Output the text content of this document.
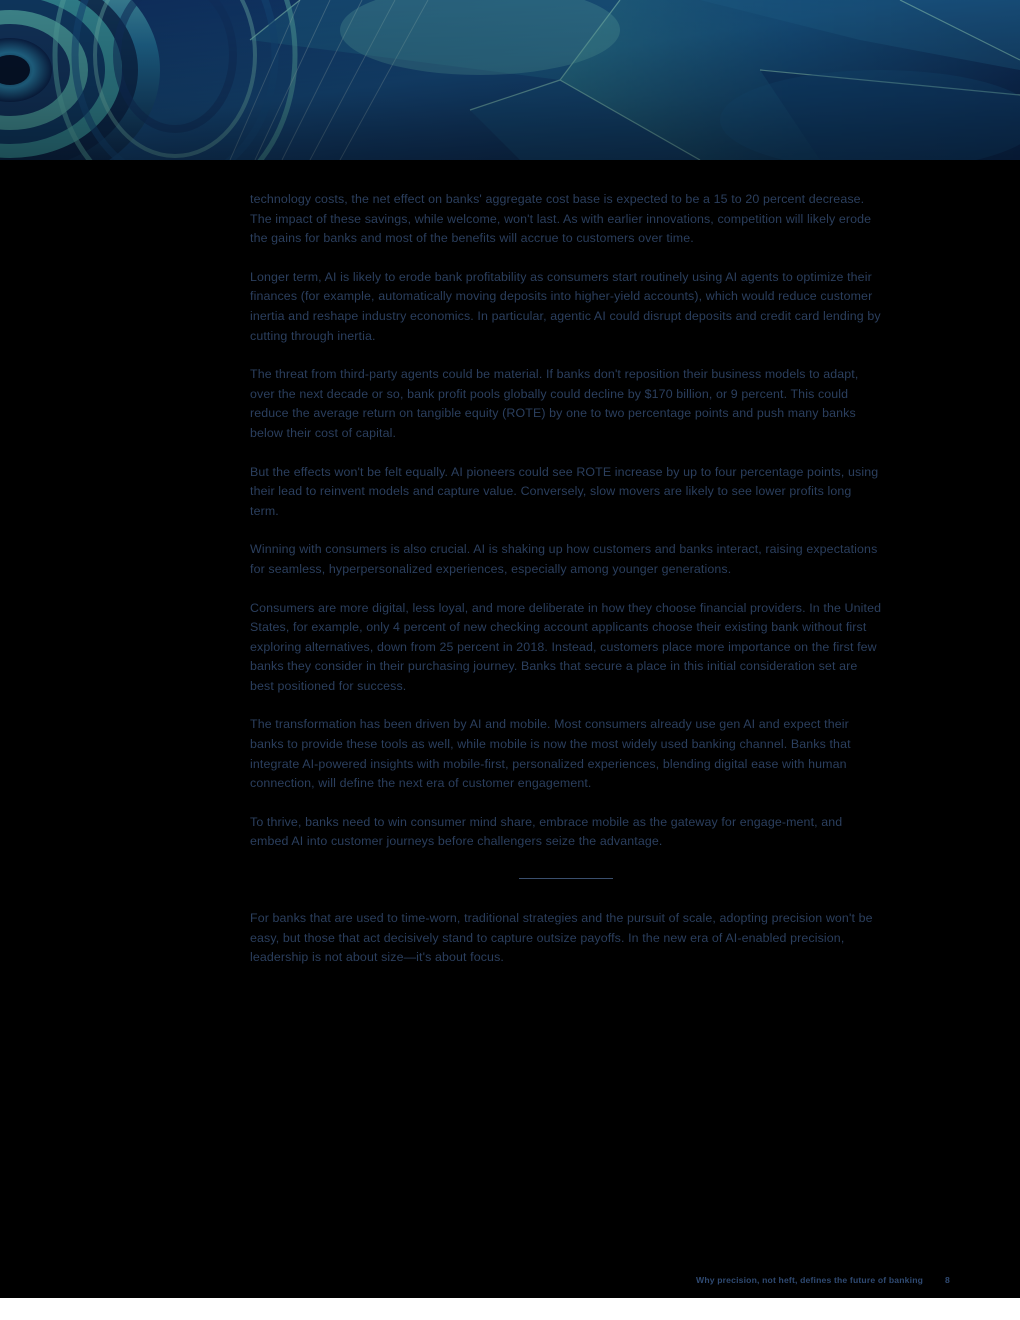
technology costs, the net effect on banks' aggregate cost base is expected to be a 15 to 20 percent decrease. The impact of these savings, while welcome, won't last. As with earlier innovations, competition will likely erode the gains for banks and most of the benefits will accrue to customers over time.

Longer term, AI is likely to erode bank profitability as consumers start routinely using AI agents to optimize their finances (for example, automatically moving deposits into higher-yield accounts), which would reduce customer inertia and reshape industry economics. In particular, agentic AI could disrupt deposits and credit card lending by cutting through inertia.

The threat from third-party agents could be material. If banks don't reposition their business models to adapt, over the next decade or so, bank profit pools globally could decline by $170 billion, or 9 percent. This could reduce the average return on tangible equity (ROTE) by one to two percentage points and push many banks below their cost of capital.

But the effects won't be felt equally. AI pioneers could see ROTE increase by up to four percentage points, using their lead to reinvent models and capture value. Conversely, slow movers are likely to see lower profits long term.

Winning with consumers is also crucial. AI is shaking up how customers and banks interact, raising expectations for seamless, hyperpersonalized experiences, especially among younger generations.

Consumers are more digital, less loyal, and more deliberate in how they choose financial providers. In the United States, for example, only 4 percent of new checking account applicants choose their existing bank without first exploring alternatives, down from 25 percent in 2018. Instead, customers place more importance on the first few banks they consider in their purchasing journey. Banks that secure a place in this initial consideration set are best positioned for success.

The transformation has been driven by AI and mobile. Most consumers already use gen AI and expect their banks to provide these tools as well, while mobile is now the most widely used banking channel. Banks that integrate AI-powered insights with mobile-first, personalized experiences, blending digital ease with human connection, will define the next era of customer engagement.

To thrive, banks need to win consumer mind share, embrace mobile as the gateway for engage-ment, and embed AI into customer journeys before challengers seize the advantage.

For banks that are used to time-worn, traditional strategies and the pursuit of scale, adopting precision won't be easy, but those that act decisively stand to capture outsize payoffs. In the new era of AI-enabled precision, leadership is not about size—it's about focus.

Why precision, not heft, defines the future of banking	8
